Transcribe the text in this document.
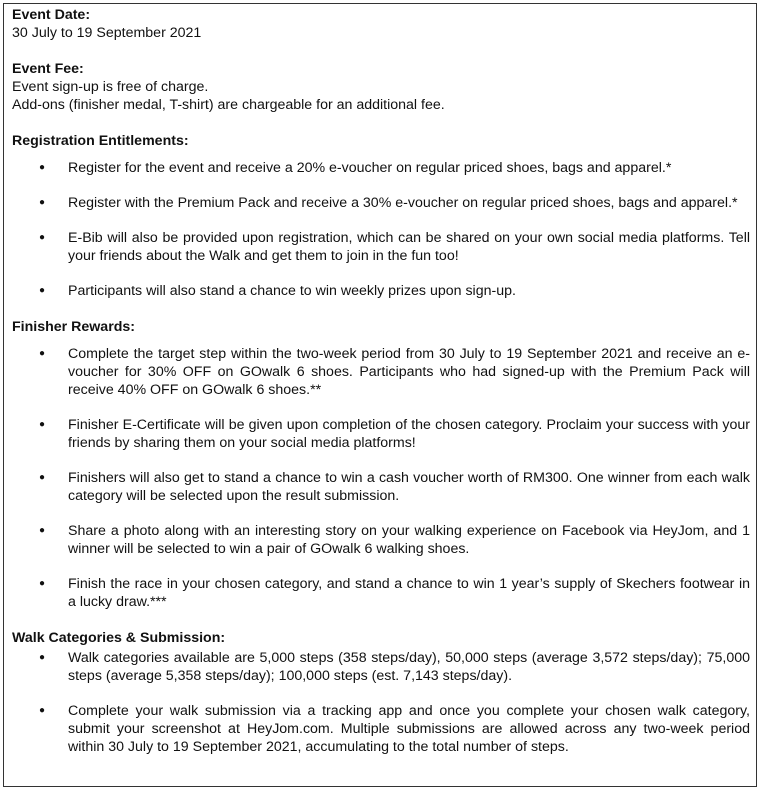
Event Date:

30 July to 19 September 2021

Event Fee:

Event sign-up is free of charge.

Add-ons (finisher medal, T-shirt) are chargeable for an additional fee.

Registration Entitlements:
● Register for the event and receive a 20% e-voucher on regular priced shoes, bags and apparel.*
● Register with the Premium Pack and receive a 30% e-voucher on regular priced shoes, bags and apparel.*
● E-Bib will also be provided upon registration, which can be shared on your own social media platforms. Tell your friends about the Walk and get them to join in the fun too!
● Participants will also stand a chance to win weekly prizes upon sign-up.
Finisher Rewards:
● Complete the target step within the two-week period from 30 July to 19 September 2021 and receive an e-voucher for 30% OFF on GOwalk 6 shoes. Participants who had signed-up with the Premium Pack will receive 40% OFF on GOwalk 6 shoes.**
● Finisher E-Certificate will be given upon completion of the chosen category. Proclaim your success with your friends by sharing them on your social media platforms!
● Finishers will also get to stand a chance to win a cash voucher worth of RM300. One winner from each walk category will be selected upon the result submission.
● Share a photo along with an interesting story on your walking experience on Facebook via HeyJom, and 1 winner will be selected to win a pair of GOwalk 6 walking shoes.
● Finish the race in your chosen category, and stand a chance to win 1 year’s supply of Skechers footwear in a lucky draw.***
Walk Categories & Submission:
● Walk categories available are 5,000 steps (358 steps/day), 50,000 steps (average 3,572 steps/day); 75,000 steps (average 5,358 steps/day); 100,000 steps (est. 7,143 steps/day).
● Complete your walk submission via a tracking app and once you complete your chosen walk category, submit your screenshot at HeyJom.com. Multiple submissions are allowed across any two-week period within 30 July to 19 September 2021, accumulating to the total number of steps.
